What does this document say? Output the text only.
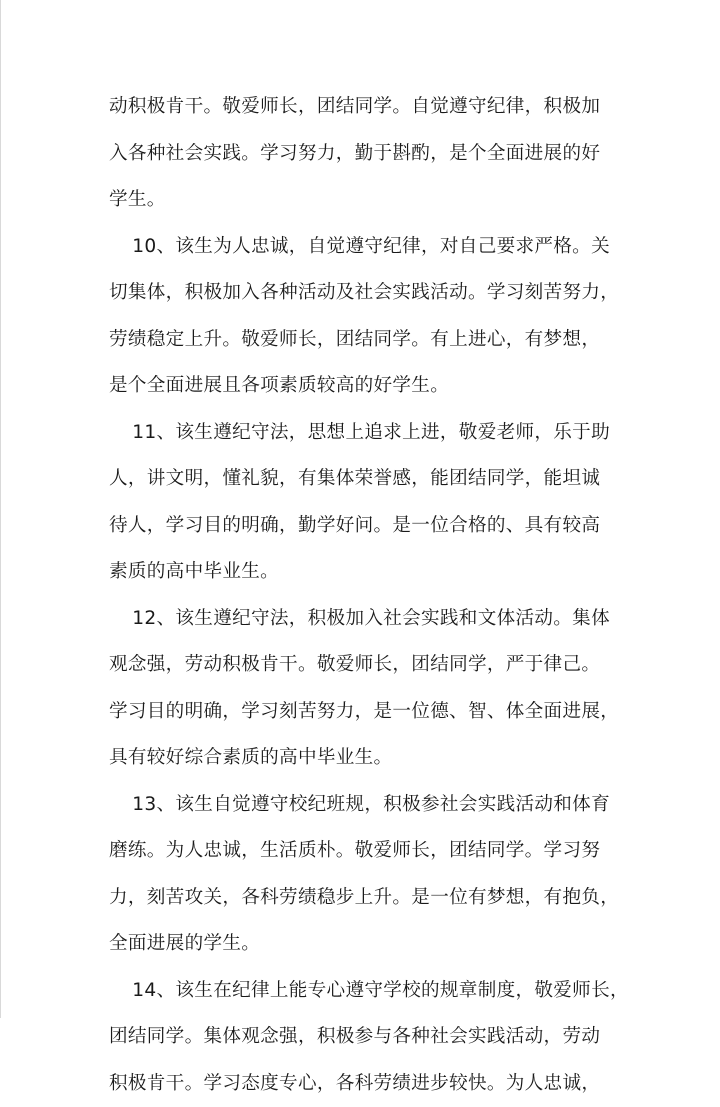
动积极肯干。敬爱师长，团结同学。自觉遵守纪律，积极加
入各种社会实践。学习努力，勤于斟酌，是个全面进展的好
学生。

10、该生为人忠诚，自觉遵守纪律，对自己要求严格。关
切集体，积极加入各种活动及社会实践活动。学习刻苦努力，
劳绩稳定上升。敬爱师长，团结同学。有上进心，有梦想，
是个全面进展且各项素质较高的好学生。

11、该生遵纪守法，思想上追求上进，敬爱老师，乐于助
人，讲文明，懂礼貌，有集体荣誉感，能团结同学，能坦诚
待人，学习目的明确，勤学好问。是一位合格的、具有较高
素质的高中毕业生。

12、该生遵纪守法，积极加入社会实践和文体活动。集体
观念强，劳动积极肯干。敬爱师长，团结同学，严于律己。
学习目的明确，学习刻苦努力，是一位德、智、体全面进展，
具有较好综合素质的高中毕业生。

13、该生自觉遵守校纪班规，积极参社会实践活动和体育
磨练。为人忠诚，生活质朴。敬爱师长，团结同学。学习努
力，刻苦攻关，各科劳绩稳步上升。是一位有梦想，有抱负，
全面进展的学生。

14、该生在纪律上能专心遵守学校的规章制度，敬爱师长，
团结同学。集体观念强，积极参与各种社会实践活动，劳动
积极肯干。学习态度专心，各科劳绩进步较快。为人忠诚，
